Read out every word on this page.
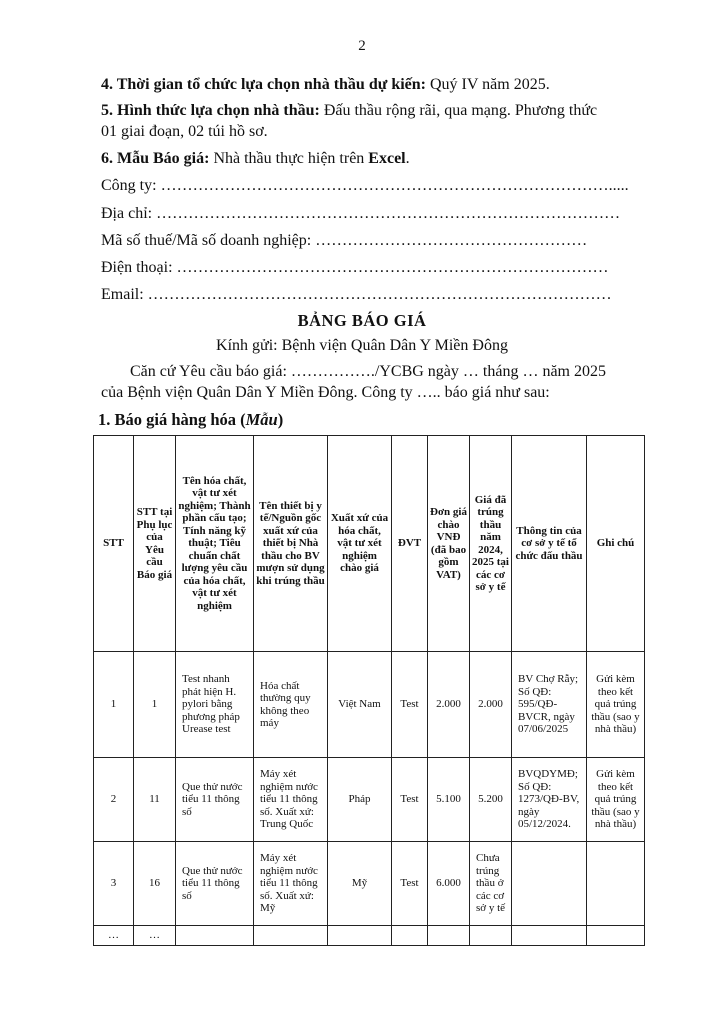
2
4. Thời gian tổ chức lựa chọn nhà thầu dự kiến: Quý IV năm 2025.
5. Hình thức lựa chọn nhà thầu: Đấu thầu rộng rãi, qua mạng. Phương thức
01 giai đoạn, 02 túi hồ sơ.
6. Mẫu Báo giá: Nhà thầu thực hiện trên Excel.
Công ty: ………………………………………………………………………….....
Địa chỉ: ……………………………………………………………………………
Mã số thuế/Mã số doanh nghiệp: ……………………………………………
Điện thoại: ………………………………………………………………………
Email: ……………………………………………………………………………
BẢNG BÁO GIÁ
Kính gửi: Bệnh viện Quân Dân Y Miền Đông
Căn cứ Yêu cầu báo giá: ……………./YCBG ngày … tháng … năm 2025
của Bệnh viện Quân Dân Y Miền Đông. Công ty ….. báo giá như sau:
1. Báo giá hàng hóa (Mẫu)
STT	STT tại Phụ lục của Yêu cầu Báo giá	Tên hóa chất, vật tư xét nghiệm; Thành phần cấu tạo; Tính năng kỹ thuật; Tiêu chuẩn chất lượng yêu cầu của hóa chất, vật tư xét nghiệm	Tên thiết bị y tế/Nguồn gốc xuất xứ của thiết bị Nhà thầu cho BV mượn sử dụng khi trúng thầu	Xuất xứ của hóa chất, vật tư xét nghiệm chào giá	ĐVT	Đơn giá chào VNĐ (đã bao gồm VAT)	Giá đã trúng thầu năm 2024, 2025 tại các cơ sở y tế	Thông tin của cơ sở y tế tổ chức đấu thầu	Ghi chú
1	1	Test nhanh phát hiện H. pylori bằng phương pháp Urease test	Hóa chất thường quy không theo máy	Việt Nam	Test	2.000	2.000	BV Chợ Rẫy; Số QĐ: 595/QĐ-BVCR, ngày 07/06/2025	Gửi kèm theo kết quả trúng thầu (sao y nhà thầu)
2	11	Que thử nước tiểu 11 thông số	Máy xét nghiệm nước tiểu 11 thông số. Xuất xứ: Trung Quốc	Pháp	Test	5.100	5.200	BVQDYMĐ; Số QĐ: 1273/QĐ-BV, ngày 05/12/2024.	Gửi kèm theo kết quả trúng thầu (sao y nhà thầu)
3	16	Que thử nước tiểu 11 thông số	Máy xét nghiệm nước tiểu 11 thông số. Xuất xứ: Mỹ	Mỹ	Test	6.000	Chưa trúng thầu ở các cơ sở y tế		
…	…								
